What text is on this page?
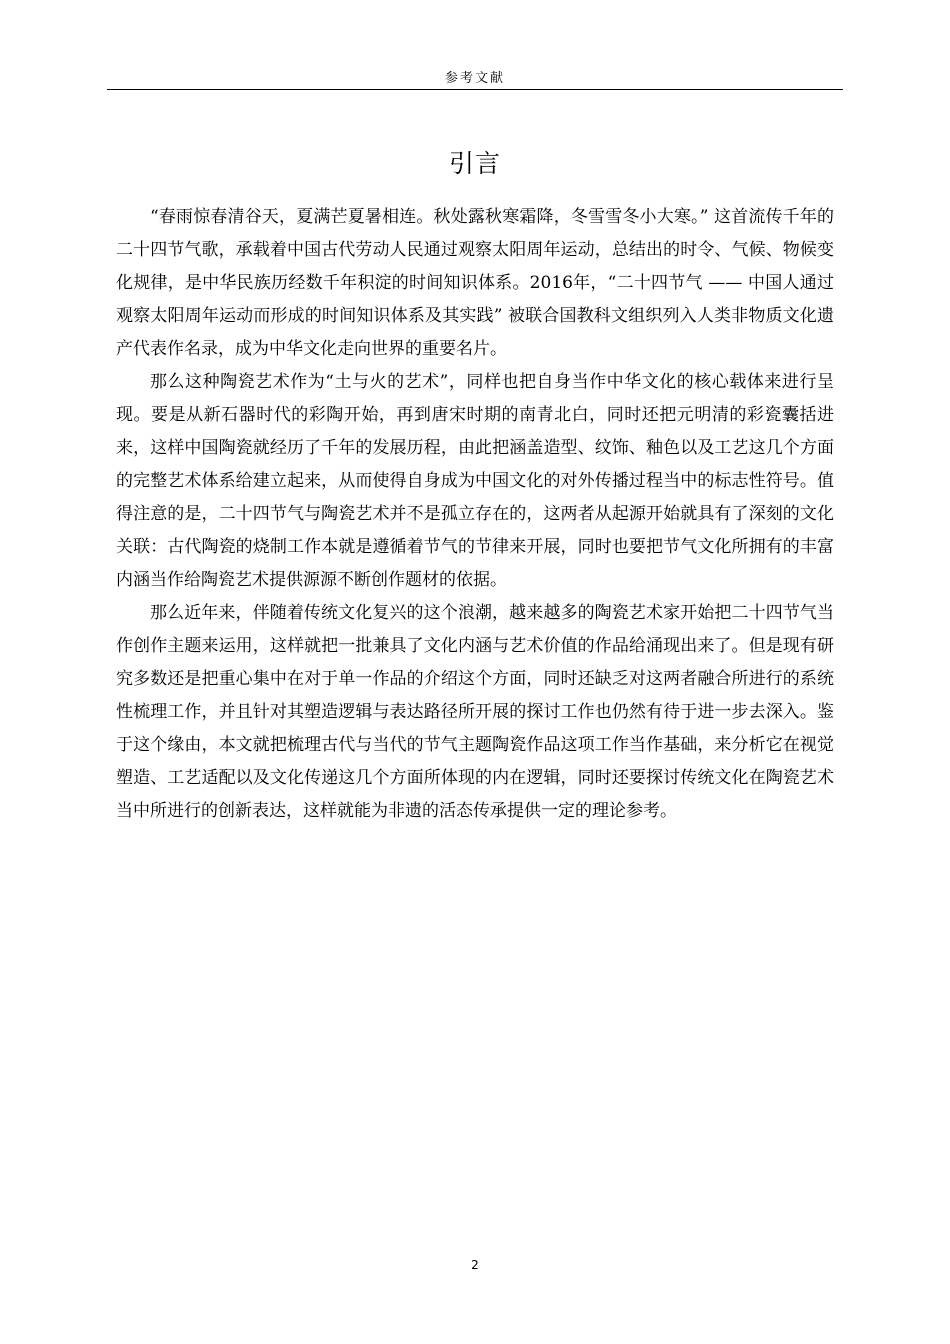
参考文献
引言

“春雨惊春清谷天，夏满芒夏暑相连。秋处露秋寒霜降，冬雪雪冬小大寒。” 这首流传千年的二十四节气歌，承载着中国古代劳动人民通过观察太阳周年运动，总结出的时令、气候、物候变化规律，是中华民族历经数千年积淀的时间知识体系。2016年，“二十四节气 —— 中国人通过观察太阳周年运动而形成的时间知识体系及其实践” 被联合国教科文组织列入人类非物质文化遗产代表作名录，成为中华文化走向世界的重要名片。

那么这种陶瓷艺术作为“土与火的艺术”，同样也把自身当作中华文化的核心载体来进行呈现。要是从新石器时代的彩陶开始，再到唐宋时期的南青北白，同时还把元明清的彩瓷囊括进来，这样中国陶瓷就经历了千年的发展历程，由此把涵盖造型、纹饰、釉色以及工艺这几个方面的完整艺术体系给建立起来，从而使得自身成为中国文化的对外传播过程当中的标志性符号。值得注意的是，二十四节气与陶瓷艺术并不是孤立存在的，这两者从起源开始就具有了深刻的文化关联：古代陶瓷的烧制工作本就是遵循着节气的节律来开展，同时也要把节气文化所拥有的丰富内涵当作给陶瓷艺术提供源源不断创作题材的依据。

那么近年来，伴随着传统文化复兴的这个浪潮，越来越多的陶瓷艺术家开始把二十四节气当作创作主题来运用，这样就把一批兼具了文化内涵与艺术价值的作品给涌现出来了。但是现有研究多数还是把重心集中在对于单一作品的介绍这个方面，同时还缺乏对这两者融合所进行的系统性梳理工作，并且针对其塑造逻辑与表达路径所开展的探讨工作也仍然有待于进一步去深入。鉴于这个缘由，本文就把梳理古代与当代的节气主题陶瓷作品这项工作当作基础，来分析它在视觉塑造、工艺适配以及文化传递这几个方面所体现的内在逻辑，同时还要探讨传统文化在陶瓷艺术当中所进行的创新表达，这样就能为非遗的活态传承提供一定的理论参考。

2
